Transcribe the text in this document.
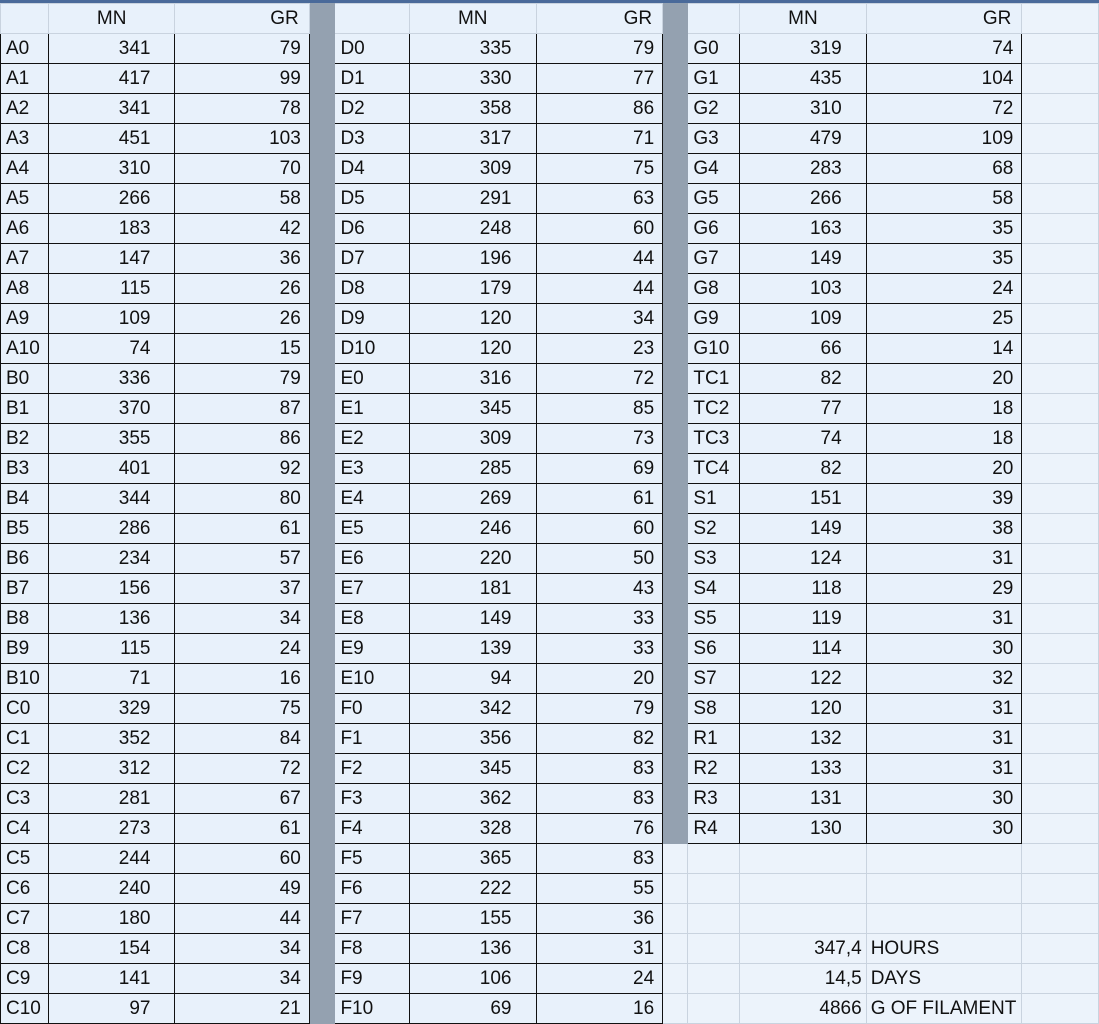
	MN	GR			MN	GR			MN	GR	
A0	341	79		D0	335	79		G0	319	74	
A1	417	99		D1	330	77		G1	435	104	
A2	341	78		D2	358	86		G2	310	72	
A3	451	103		D3	317	71		G3	479	109	
A4	310	70		D4	309	75		G4	283	68	
A5	266	58		D5	291	63		G5	266	58	
A6	183	42		D6	248	60		G6	163	35	
A7	147	36		D7	196	44		G7	149	35	
A8	115	26		D8	179	44		G8	103	24	
A9	109	26		D9	120	34		G9	109	25	
A10	74	15		D10	120	23		G10	66	14	
B0	336	79		E0	316	72		TC1	82	20	
B1	370	87		E1	345	85		TC2	77	18	
B2	355	86		E2	309	73		TC3	74	18	
B3	401	92		E3	285	69		TC4	82	20	
B4	344	80		E4	269	61		S1	151	39	
B5	286	61		E5	246	60		S2	149	38	
B6	234	57		E6	220	50		S3	124	31	
B7	156	37		E7	181	43		S4	118	29	
B8	136	34		E8	149	33		S5	119	31	
B9	115	24		E9	139	33		S6	114	30	
B10	71	16		E10	94	20		S7	122	32	
C0	329	75		F0	342	79		S8	120	31	
C1	352	84		F1	356	82		R1	132	31	
C2	312	72		F2	345	83		R2	133	31	
C3	281	67		F3	362	83		R3	131	30	
C4	273	61		F4	328	76		R4	130	30	
C5	244	60		F5	365	83					
C6	240	49		F6	222	55					
C7	180	44		F7	155	36					
C8	154	34		F8	136	31			347,4	HOURS	
C9	141	34		F9	106	24			14,5	DAYS	
C10	97	21		F10	69	16			4866	G OF FILAMENT	
